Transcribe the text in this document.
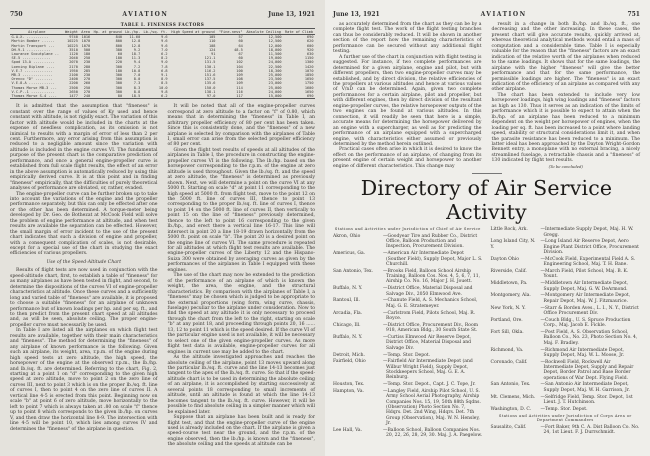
750	AVIATION	June 13, 1921
TABLE I. FINENESS FACTORS
Airplane	Weight	Area	Hp. at ground	Lb./hp.	Lb./sq. ft.	High Speed at ground	"Fine-ness"	Absolute Ceiling	Rate of Climb
G.A.X. ..........	9740	1016	840	11.60	9.6	105	57	12,500	690
Martin Bomber ......	10225	1070	800	12.8	9.6	110	60	12,500	620
Martin Transport ...	10225	1070	800	12.8	9.6	108	64	12,000	600
DH-9-1 ...........	3510	500	380	9.2	7.0	124	48.5	18,000	920
Lawrance Scoutplane ..	1120	180	60	18.7	6.2	91	67	11,500	630
SE-5 .............	2040	250	180	11.3	8.2	121.1	60	19,000	1150
Spad 13-A ..........	2070	230	220	9.4	9.0	131.5	102	24,000	1300
Loening Biplane ....	2170	280	300	7.2	7.8	130.1	104	22,500	1420
V.E.7 .............	1950	285	180	10.8	6.8	116.2	100	18,300	1070
MB-3 ..............	2100	230	300	7.0	9.1	151.6	109	25,000	1850
Orenco "D" ........	2400	270	300	8.0	8.9	137.5	108	23,500	1650
V.E.8-A ............	2200	260	300	7.3	8.5	135.6	109	23,000	1750
Thomas Morse MB-3 ...	2500	250	300	8.3	10.0	150.0	114	25,000	1600
V.C.P.-1 ...........	2650	270	300	8.8	9.8	138.1	116	24,000	1650
Thomas Morse S-4 ....	1477	240	80	18.5	6.2	97.0	117	15,000	690

It is admitted that the assumption that "fineness" is constant over the range of values of Ky used and hence constant with altitude, is not rigidly exact. The variation of this factor with altitude would be included in the charts at the expense of needless complication, as its omission is not inimical to results with a margin of error of less than 2 per cent. Furthermore, any error arising from this assumption is reduced to a negligible amount since the variation with altitude is included in the engine curves VI. The fundamental purpose of the present chart is the comparative prediction of performance, and once a general engine-propeller curve is established from full scale flight results, the effect of an error in the above assumption is automatically reduced by using this empirically derived curve. It is at this point and in finding "fineness" empirically, that the difficulties of purely theoretical analyses of performance are obviated, or, rather, evaded.

The engine-propeller curve can be further broken up to take into account the variations of the engine and the propeller performance separately, but this can only be effected after one or the other has been determined. A torque-meter being developed by Dr. Geo. de Bothezat at McCook Field will solve the problem of engine performance at altitude, and when test results are available the separation can be effected. However, the small margin of error incident to the use of the present chart indicates that such a division of engine and propeller, with a consequent complication of scales, is not desirable, except for a special use of the chart in studying the exact efficiencies of various propellers.

Use of the Speed-Altitude Chart

Results of flight tests are now used in conjunction with the speed-altitude chart, first, to establish a table of "fineness" for as many airplanes as have been tested in flight, and second, to determine the dispositions of the curves VI of engine-propeller characteristics at altitude. Once these curves and a sufficiently long and varied table of "fineness" are available, it is proposed to choose a suitable "fineness" for an airplane of unknown performance but of known loadings per hp. and per sq. ft., and to then predict from the present chart speed at all altitudes and, as will be seen, absolute ceiling. The proper engine-propeller curve must necessarily be used.

In Table I are listed all the airplanes on which flight test results are available, together with their main characteristics and "fineness". The method for determining the "fineness" of any airplane of known performance is the following. Given such an airplane, its weight, area, r.p.m. of the engine during high speed tests at zero altitude, the high speed, the horsepower of the engine at the observed r.p.m., the lb./hp. and lb./sq. ft. are determined. Referring to the chart, Fig. 2, starting at a point 1 on "d" corresponding to the given high speed at zero altitude, move to point 2 on the zero line of curves III, next to point 3 which is on the proper lb./sq. ft. line of curves I, then to point 4 on the zero line of curves II. A vertical line 4-5 is erected from this point. Beginning now on scale "b" at point 6 of zero altitude, move horizontally to the left to point 7 which is always taken at .80 on scale "f" thence up to point 8 which corresponds to the given lb./hp. on curves V, and then draw the horizontal line 8-9. The intersection with line 4-5 will be point 10, which lies among curves IV and determines the "fineness" of the airplane in question.

It will be noted that all of the engine-propeller curves correspond at zero altitude to a factor on "f" of 0.80, which means that in determining the "fineness" in Table I, an arbitrary propeller efficiency of 80 per cent has been taken. Since this is consistently done, and the "fineness" of a new airplane is selected by comparison with the airplanes of Table I, small error can arise from the selected propeller efficiency of 80 per cent.

Given the flight test results of speeds at all altitudes of the airplanes in Table I, the procedure in constructing the engine-propeller curves VI is the following. The lb./hp. based on the horsepower corresponding to the r.p.m. of the engine at zero altitude is used throughout. Given the lb./sq. ft. and the speed at zero altitude, the "fineness" is determined as previously shown. Next, we will determine a point on the curve VI at any 5000 ft. Starting on scale "d" at point 11 corresponding to the high speed at 5000 ft. from flight test, move to the point 12 on the 5000 ft. line of curves III, thence to point 13 corresponding to the proper lb./sq. ft. line of curves I, thence to point 14 on the 5000 ft. line of curves II, then vertically to point 15 on the line of "fineness" previously determined, thence to the left to point 16 corresponding to the given lb./hp., and erect there a vertical line 16-17. This line will intersect in point 20 a line 18-19 drawn horizontally from the 5000 ft. point on scale "b". The point 20 is a desired point on the engine line of curves VI. The same procedure is repeated for all altitudes at which flight test results are available. The engine-propeller curves of the Liberty 12 and the Hispano-Suiza 300 were obtained by averaging curves as given by the performances of the airplanes in Table I equipped with these engines.

The use of the chart may now be extended to the prediction of the performance of an airplane of which is known the weight, the area, the engine, and the structural characteristics. By comparison with the airplanes of Table I, a "fineness" may be chosen which is judged to be appropriate to the external proportions (wing form, wing curve, chassis, fuselage) peculiar to the airplane under consideration. Now to find the speed at any altitude it is only necessary to proceed through the chart from the left to the right, starting on scale "b" at any point 18, and proceeding through points 20, 16 ...... 13, 12 to point 11 which is the speed desired. If the curve VI of the particular engine used is not available, it will be necessary to select one of the given engine-propeller curves. As more flight test data is available, engine-propeller curves for all engines in current use may be added to the chart.

As the altitude investigated approaches and reaches the absolute ceiling of the airplane, point 13 moves upward along the particular lb./sq. ft. curve and the line 14-13 becomes just tangent to the apex of the lb./sq. ft. curve. So that if the speed-altitude chart is to be used in determining the absolute ceiling of an airplane, it is accomplished by starting successively at several points 18 corresponding to small increments of altitude, until an altitude is found at which the line 14-13 becomes tangent to the lb./sq. ft. curve. However, it will be possible to find absolute ceiling in a simpler manner which will be explained later.

Suppose that an airplane has been built and is ready for flight test, and that the engine-propeller curve of the engine used is already included on the chart. If the airplane is given a speed-course test near the ground, and the r.p.m. of the engine observed, then the lb./hp. is known and the "fineness", the absolute ceiling and the speeds at altitude can be

June 13, 1921	AVIATION	751

as accurately determined from the chart as they can be by a complete flight test. The work of the flight testing branches can thus be considerably reduced. It will be shown in another section of the report how the remaining characteristics of performance can be secured without any additional flight testing.

A further use of the chart in conjunction with flight testing is suggested. For instance, if two complete performances are determined for a given airplane, engine and pilot, but with different propellers, then two engine-propeller curves may be established, and by direct division, the relative efficiencies of the propellers at various altitudes and hence at various values of V/nD can be determined. Again, given two complete performances for a certain airplane, pilot and propeller, but with different engines, then by direct division of the resultant engine-propeller curves, the relative horsepower outputs of the two engines can be found at various altitudes. In this connection, it will readily be seen that here is a simple, accurate means for determining the horsepower delivered by an engine with a supercharger, as well as for predicting the performance of an airplane equipped with a supercharged engine, with characteristics either assumed or previously determined by the method herein outlined.

Practical cases often arise in which it is desired to know the effect on the performance of an airplane, of changing from its present engine of certain weight and horsepower to another engine of different characteristics. This change may

result in a change in both lb./hp. and lb./sq. ft., one decreasing and the other increasing. In these cases, the present chart will give accurate results, quickly arrived at, whereas theoretical analytical methods would entail a mass of computation and a considerable time. Table I is especially valuable for the reason that the "fineness" factors are an exact indication of the relative worth of the airplanes when reduced to the same loadings. It shows that for the same loadings, the airplane with the higher "fineness" will give the better performance and that for the same performance, the permissible loadings are higher. The "fineness" is an exact indication of the efficiency of an airplane as compared with any other airplane.

The chart has been extended to include very low horsepower loadings, high wing loadings and "fineness" factors as high as 130. Thus it serves as an indication of the limits of performance which it is possible to expect to attain when the lb./hp. of an airplane has been reduced to a minimum dependent on the weight per horsepower of engines, when the loading per sq. ft. has been increased to a point where landing speed, stability or structural considerations limit it, and when the parasite resistance has been reduced to a minimum. The latter ideal has been approached by the Dayton Wright-Gordon Bennett entry, a monoplane with no external bracing, a nicely streamlined fuselage, a retractable chassis and a "fineness" of 130 indicated by flight test results.

(To be concluded)
Directory of Air Service Activity
Stations and Activities under Jurisdiction of Chief of Air Service
Akron, Ohio	—Goodyear Tire and Rubber Co., District Office, Balloon Production and Inspection, Procurement Division.
Americus, Ga.	—American Air Intermediate Depot (Souther Field), Supply Depot, Major L. S. Churchill.
San Antonio, Tex.	—Brooks Field, Balloon School Airship Training, Balloon Cos. Nos. 4, 5, 6, 7, 11, Airship Co. No. 16, Major J. H. Jouett.
Buffalo, N. Y.	—District Office, Material Disposal and Salvage Div., 2050 Elmwood Ave.
Rantoul, Ill.	—Chanute Field, A. S. Mechanics School, Maj. G. E. Stratemeyer.
Arcadia, Fla.	—Carlstrom Field, Pilots School, Maj. R. Royce.
Chicago, Ill.	—District Office, Procurement Div., Room 918, American Bldg., 30 South State St.
Buffalo, N. Y.	—Curtiss Elmwood Air Reserve Depot, District Office, Material Disposal and Salvage Div.
Detroit, Mich.	—Temp. Stor. Depot.
Fairfield, Ohio	—Fairfield Air Intermediate Depot (and Wilbur Wright Field), Supply Depot, Stockkeepers School, Maj. G. E. A. Reinburg.
Houston, Tex.	—Temp. Stor. Depot., Capt. J. C. Tope, Jr.
Hampton, Va.	—Langley Field, Airship Pilot School, U. S. Army School Aerial Photography, Airship Companies Nos. 15, 19, 50th 88th Sqdns. (Observation) Photo Section No. 7, Hdqrs. Det. 2nd Wing, Hdqrs. Det. 7th Group (Observation), Maj. W. N. Hensley, Jr.
Lee Hall, Va.	—Balloon School, Balloon Companies Nos. 20, 22, 26, 28, 29, 30. Maj. J. A. Paegelow.
Little Rock, Ark.	—Intermediate Supply Depot, Maj. H. W. Gregg.
Long Island City, N. Y.
—Long Island Air Reserve Depot, Aero Engine Plant District Office, Procurement Division.
Dayton Ohio	—McCook Field, Experimental Field A. S. Engineering School, Maj. T. H. Bane.
Riverside, Calif.	—March Field, Pilot School, Maj. B. K. Yount.
Middletown, Pa.	—Middletown Air Intermediate Depot, Supply Depot, Maj. G. W. DeArmond.
Montgomery, Ala.	—Montgomery Air Intermediate Depot, Repair Depot, Maj. W. J. Fitzmaurice.
New York, N. Y.	—Starr & Borden Aves., L. I., N. Y., District Office Procurement Div.
Portland, Ore.	—Couch Bldg., U. S. Spruce Production Corp., Maj. Jacob E. Fickle.
Fort Sill, Okla.	—Post Field, A. S. Observation School, Balloon Co., No. 23, Photo Section No. 4, Maj. F. Bradley.
Richmond, Va.	—Richmond Air Intermediate Depot, Supply Depot, Maj. W. L. Moose, Jr.
Coronado, Calif.	—Rockwell Field, Rockwell Air Intermediate Depot, Supply and Repair Depot, Border Patrol and Base Border operations of War Dept. Flying Field.
San Antonio, Tex.	—San Antonio Air Intermediate Depot, Supply Depot, Maj. W. H. Garrison, Jr.
Mt. Clemens, Mich.	—Selfridge Field, Temp. Stor. Depot, 1st Lieut. J. T. Hutchinson.
Washington, D. C.	—Temp. Stor. Depot.
Stations and Activities under Jurisdiction of Corps Area or Department Commanders
Sausalito, Calif.	—Fort Baker, 9th C. A. Dist Balloon Co. No. 24, 1st Lieut. F. J. Durrschmidt.
